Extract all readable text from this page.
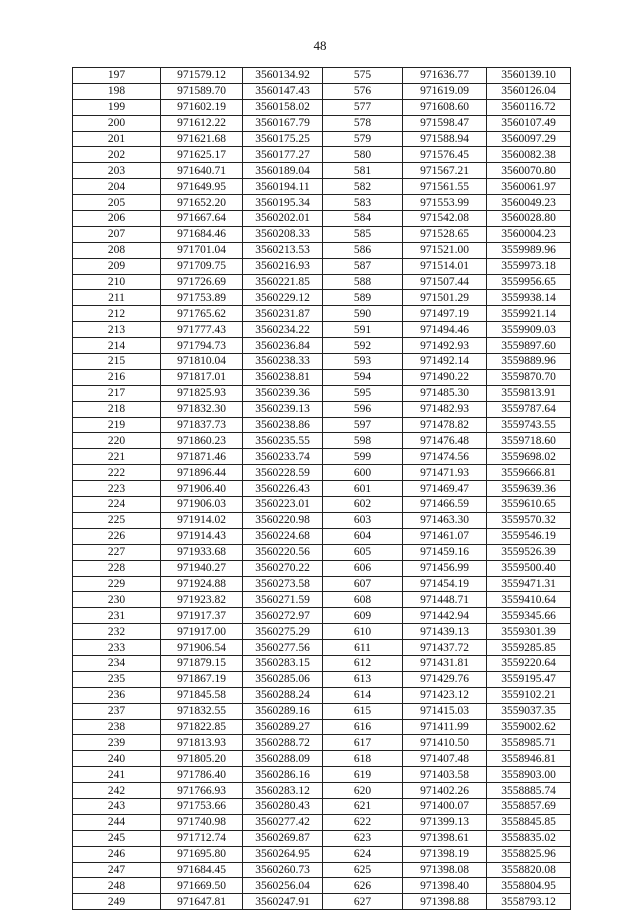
48
197	971579.12	3560134.92	575	971636.77	3560139.10
198	971589.70	3560147.43	576	971619.09	3560126.04
199	971602.19	3560158.02	577	971608.60	3560116.72
200	971612.22	3560167.79	578	971598.47	3560107.49
201	971621.68	3560175.25	579	971588.94	3560097.29
202	971625.17	3560177.27	580	971576.45	3560082.38
203	971640.71	3560189.04	581	971567.21	3560070.80
204	971649.95	3560194.11	582	971561.55	3560061.97
205	971652.20	3560195.34	583	971553.99	3560049.23
206	971667.64	3560202.01	584	971542.08	3560028.80
207	971684.46	3560208.33	585	971528.65	3560004.23
208	971701.04	3560213.53	586	971521.00	3559989.96
209	971709.75	3560216.93	587	971514.01	3559973.18
210	971726.69	3560221.85	588	971507.44	3559956.65
211	971753.89	3560229.12	589	971501.29	3559938.14
212	971765.62	3560231.87	590	971497.19	3559921.14
213	971777.43	3560234.22	591	971494.46	3559909.03
214	971794.73	3560236.84	592	971492.93	3559897.60
215	971810.04	3560238.33	593	971492.14	3559889.96
216	971817.01	3560238.81	594	971490.22	3559870.70
217	971825.93	3560239.36	595	971485.30	3559813.91
218	971832.30	3560239.13	596	971482.93	3559787.64
219	971837.73	3560238.86	597	971478.82	3559743.55
220	971860.23	3560235.55	598	971476.48	3559718.60
221	971871.46	3560233.74	599	971474.56	3559698.02
222	971896.44	3560228.59	600	971471.93	3559666.81
223	971906.40	3560226.43	601	971469.47	3559639.36
224	971906.03	3560223.01	602	971466.59	3559610.65
225	971914.02	3560220.98	603	971463.30	3559570.32
226	971914.43	3560224.68	604	971461.07	3559546.19
227	971933.68	3560220.56	605	971459.16	3559526.39
228	971940.27	3560270.22	606	971456.99	3559500.40
229	971924.88	3560273.58	607	971454.19	3559471.31
230	971923.82	3560271.59	608	971448.71	3559410.64
231	971917.37	3560272.97	609	971442.94	3559345.66
232	971917.00	3560275.29	610	971439.13	3559301.39
233	971906.54	3560277.56	611	971437.72	3559285.85
234	971879.15	3560283.15	612	971431.81	3559220.64
235	971867.19	3560285.06	613	971429.76	3559195.47
236	971845.58	3560288.24	614	971423.12	3559102.21
237	971832.55	3560289.16	615	971415.03	3559037.35
238	971822.85	3560289.27	616	971411.99	3559002.62
239	971813.93	3560288.72	617	971410.50	3558985.71
240	971805.20	3560288.09	618	971407.48	3558946.81
241	971786.40	3560286.16	619	971403.58	3558903.00
242	971766.93	3560283.12	620	971402.26	3558885.74
243	971753.66	3560280.43	621	971400.07	3558857.69
244	971740.98	3560277.42	622	971399.13	3558845.85
245	971712.74	3560269.87	623	971398.61	3558835.02
246	971695.80	3560264.95	624	971398.19	3558825.96
247	971684.45	3560260.73	625	971398.08	3558820.08
248	971669.50	3560256.04	626	971398.40	3558804.95
249	971647.81	3560247.91	627	971398.88	3558793.12
